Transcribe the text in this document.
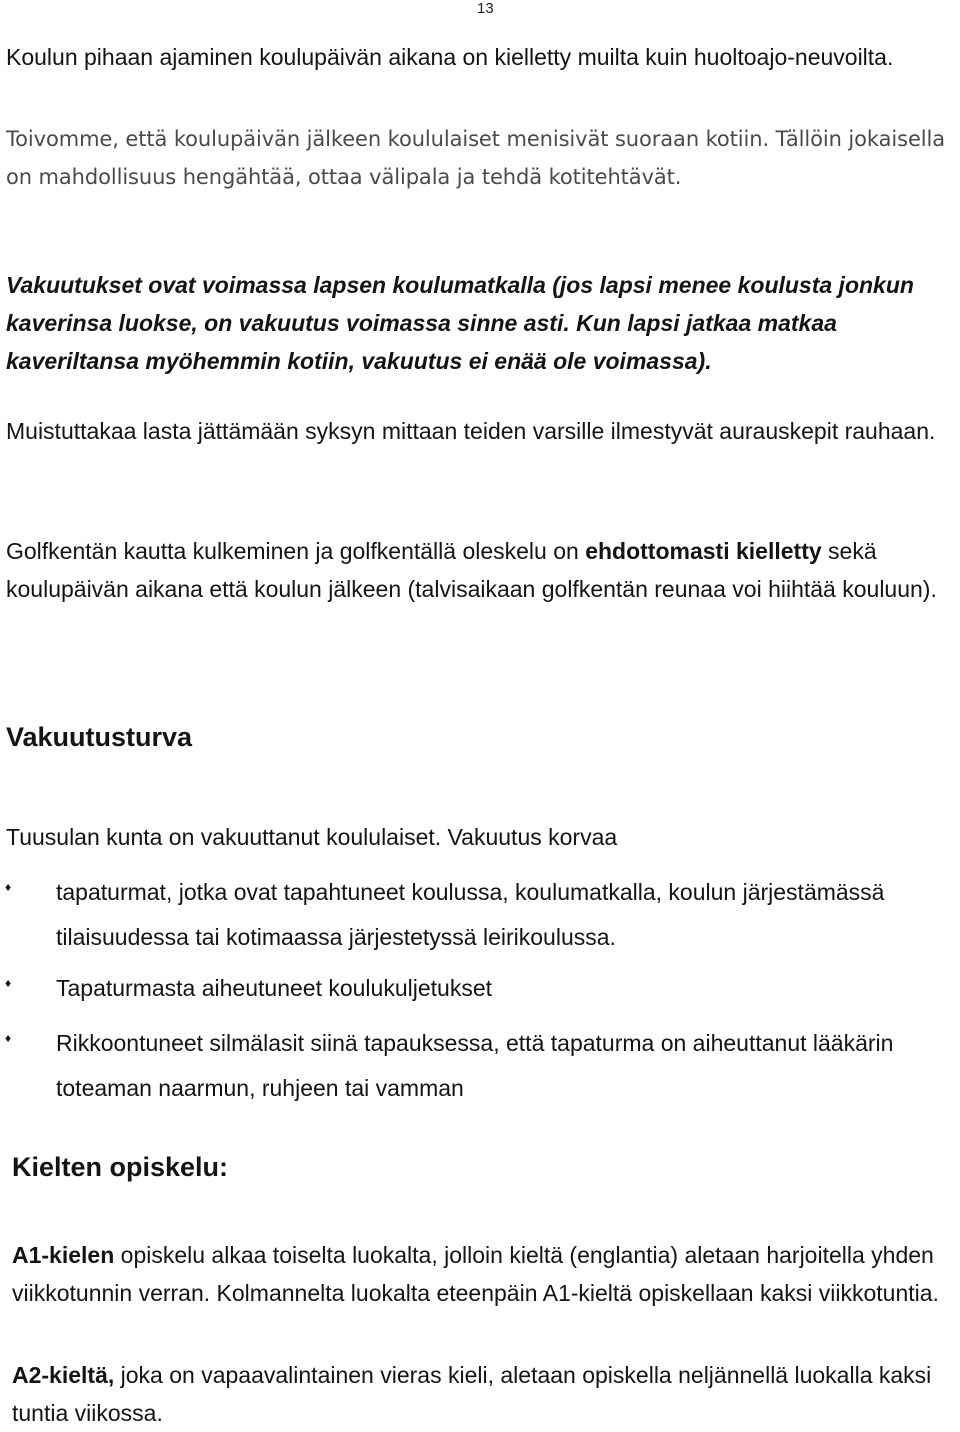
13

Koulun pihaan ajaminen koulupäivän aikana on kielletty muilta kuin huoltoajo-neuvoilta.

Toivomme, että koulupäivän jälkeen koululaiset menisivät suoraan kotiin. Tällöin jokaisella on mahdollisuus hengähtää, ottaa välipala ja tehdä kotitehtävät.

Vakuutukset ovat voimassa lapsen koulumatkalla (jos lapsi menee koulusta jonkun kaverinsa luokse, on vakuutus voimassa sinne asti. Kun lapsi jatkaa matkaa kaveriltansa myöhemmin kotiin, vakuutus ei enää ole voimassa).

Muistuttakaa lasta jättämään syksyn mittaan teiden varsille ilmestyvät aurauskepit rauhaan.

Golfkentän kautta kulkeminen ja golfkentällä oleskelu on ehdottomasti kielletty sekä koulupäivän aikana että koulun jälkeen (talvisaikaan golfkentän reunaa voi hiihtää kouluun).

Vakuutusturva

Tuusulan kunta on vakuuttanut koululaiset. Vakuutus korvaa

♦ tapaturmat, jotka ovat tapahtuneet koulussa, koulumatkalla, koulun järjestämässä tilaisuudessa tai kotimaassa järjestetyssä leirikoulussa.
♦ Tapaturmasta aiheutuneet koulukuljetukset
♦ Rikkoontuneet silmälasit siinä tapauksessa, että tapaturma on aiheuttanut lääkärin toteaman naarmun, ruhjeen tai vamman
Kielten opiskelu:

A1-kielen opiskelu alkaa toiselta luokalta, jolloin kieltä (englantia) aletaan harjoitella yhden viikkotunnin verran. Kolmannelta luokalta eteenpäin A1-kieltä opiskellaan kaksi viikkotuntia.

A2-kieltä, joka on vapaavalintainen vieras kieli, aletaan opiskella neljännellä luokalla kaksi tuntia viikossa.
